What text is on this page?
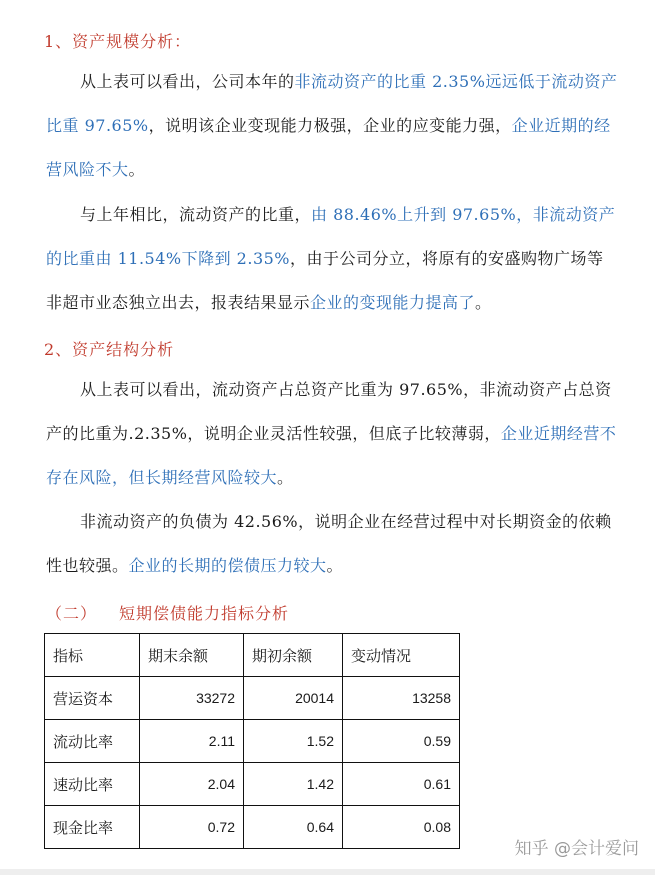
1、资产规模分析：
从上表可以看出，公司本年的非流动资产的比重 2.35%远远低于流动资产比重 97.65%，说明该企业变现能力极强，企业的应变能力强，企业近期的经营风险不大。
与上年相比，流动资产的比重，由 88.46%上升到 97.65%，非流动资产的比重由 11.54%下降到 2.35%，由于公司分立，将原有的安盛购物广场等非超市业态独立出去，报表结果显示企业的变现能力提高了。
2、资产结构分析
从上表可以看出，流动资产占总资产比重为 97.65%，非流动资产占总资产的比重为.2.35%，说明企业灵活性较强，但底子比较薄弱，企业近期经营不存在风险，但长期经营风险较大。
非流动资产的负债为 42.56%，说明企业在经营过程中对长期资金的依赖性也较强。企业的长期的偿债压力较大。
（二） 短期偿债能力指标分析
指标	期末余额	期初余额	变动情况
营运资本	33272	20014	13258
流动比率	2.11	1.52	0.59
速动比率	2.04	1.42	0.61
现金比率	0.72	0.64	0.08
知乎 @会计爱问
